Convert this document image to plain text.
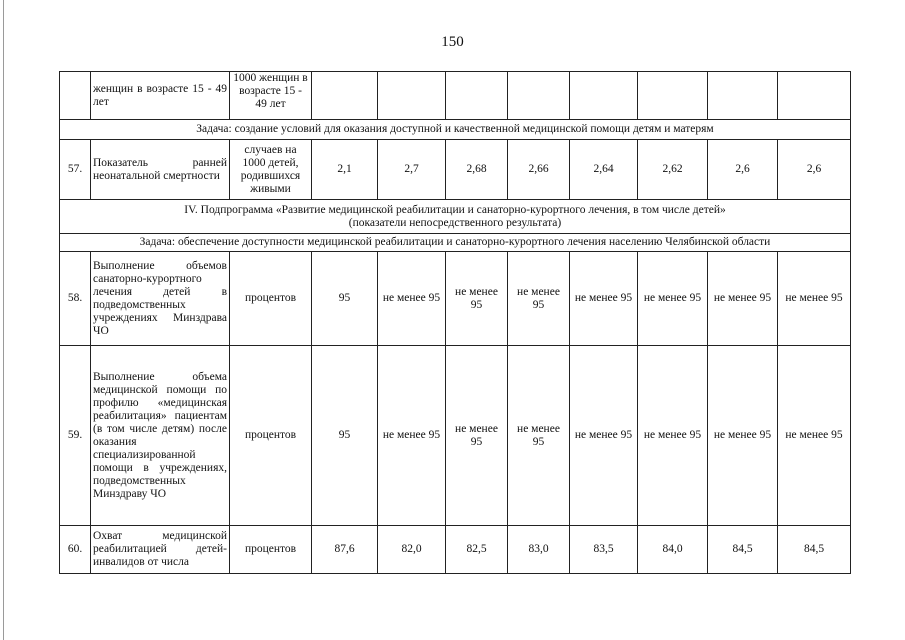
150
	женщин в возрасте 15 - 49 лет	1000 женщин в возрасте 15 - 49 лет								
Задача: создание условий для оказания доступной и качественной медицинской помощи детям и матерям										
57.	Показатель ранней неонатальной смертности	случаев на 1000 детей, родившихся живыми	2,1	2,7	2,68	2,66	2,64	2,62	2,6	2,6
IV. Подпрограмма «Развитие медицинской реабилитации и санаторно-курортного лечения, в том числе детей» (показатели непосредственного результата)										
Задача: обеспечение доступности медицинской реабилитации и санаторно-курортного лечения населению Челябинской области										
58.	Выполнение объемов санаторно-курортного лечения детей в подведомственных учреждениях Минздрава ЧО	процентов	95	не менее 95	не менее 95	не менее 95	не менее 95	не менее 95	не менее 95	не менее 95
59.	Выполнение объема медицинской помощи по профилю «медицинская реабилитация» пациентам (в том числе детям) после оказания специализированной помощи в учреждениях, подведомственных Минздраву ЧО	процентов	95	не менее 95	не менее 95	не менее 95	не менее 95	не менее 95	не менее 95	не менее 95
60.	Охват медицинской реабилитацией детей-инвалидов от числа	процентов	87,6	82,0	82,5	83,0	83,5	84,0	84,5	84,5
